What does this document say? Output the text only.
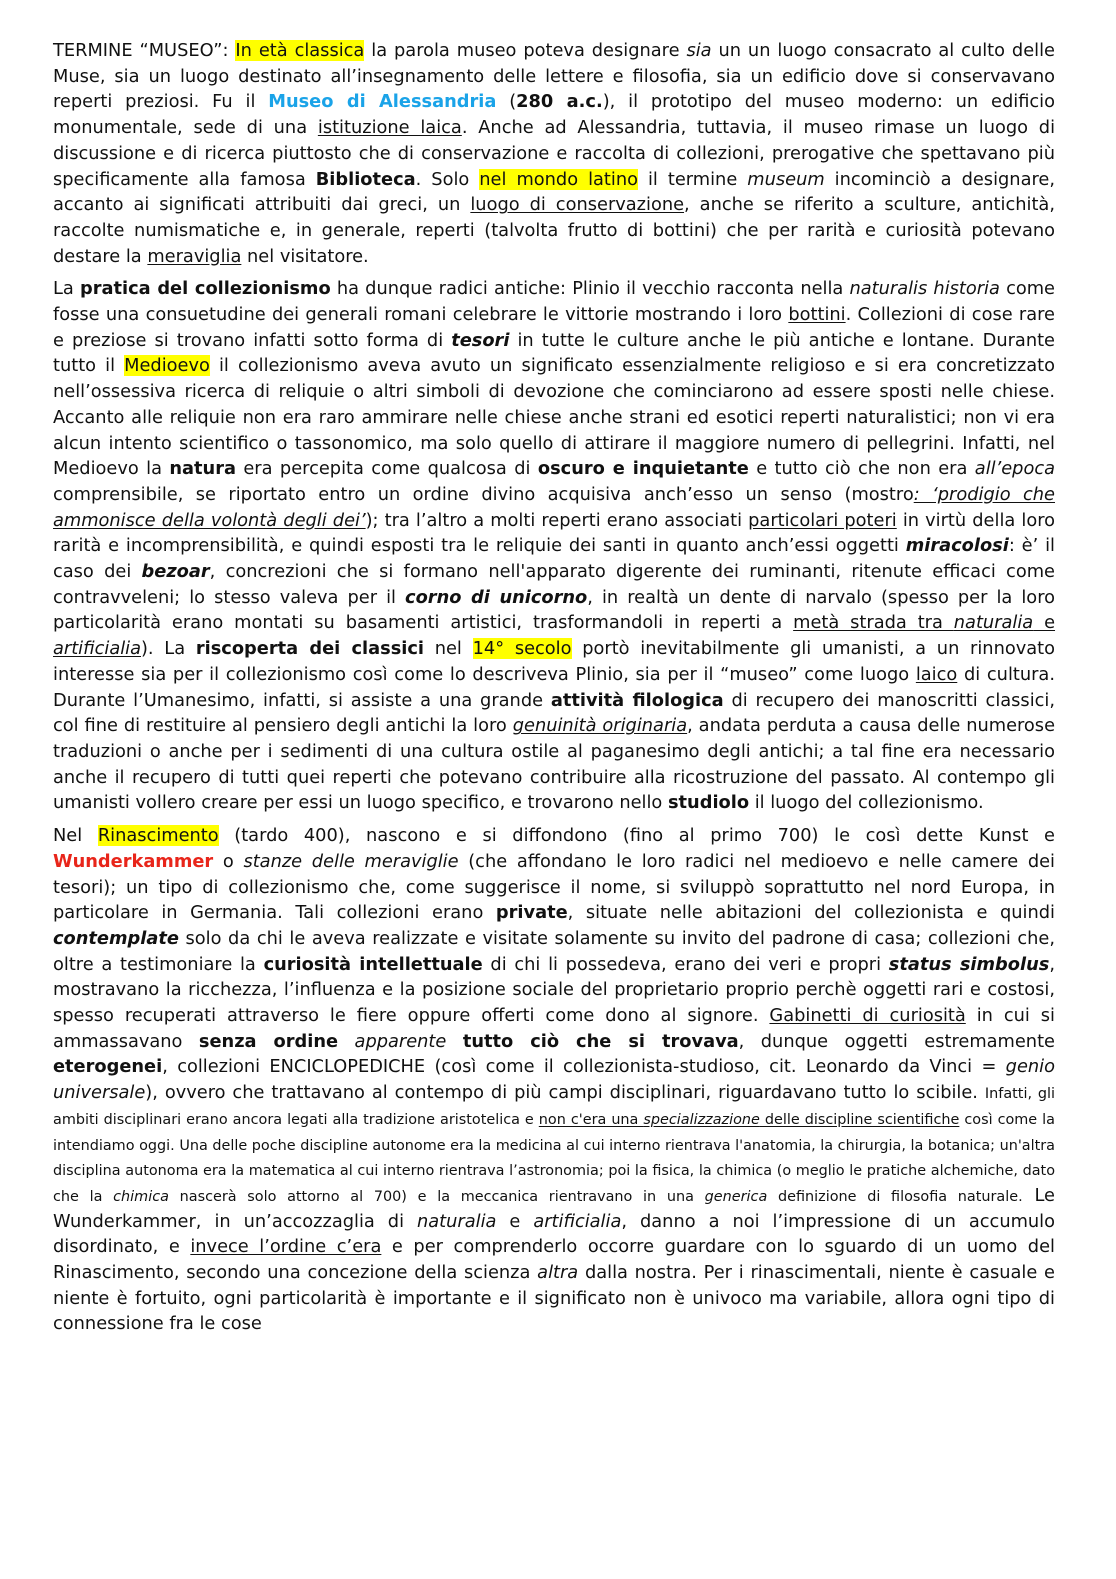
TERMINE “MUSEO”: In età classica la parola museo poteva designare sia un un luogo consacrato al culto delle Muse, sia un luogo destinato all’insegnamento delle lettere e filosofia, sia un edificio dove si conservavano reperti preziosi. Fu il Museo di Alessandria (280 a.c.), il prototipo del museo moderno: un edificio monumentale, sede di una istituzione laica. Anche ad Alessandria, tuttavia, il museo rimase un luogo di discussione e di ricerca piuttosto che di conservazione e raccolta di collezioni, prerogative che spettavano più specificamente alla famosa Biblioteca. Solo nel mondo latino il termine museum incominciò a designare, accanto ai significati attribuiti dai greci, un luogo di conservazione, anche se riferito a sculture, antichità, raccolte numismatiche e, in generale, reperti (talvolta frutto di bottini) che per rarità e curiosità potevano destare la meraviglia nel visitatore.

La pratica del collezionismo ha dunque radici antiche: Plinio il vecchio racconta nella naturalis historia come fosse una consuetudine dei generali romani celebrare le vittorie mostrando i loro bottini. Collezioni di cose rare e preziose si trovano infatti sotto forma di tesori in tutte le culture anche le più antiche e lontane. Durante tutto il Medioevo il collezionismo aveva avuto un significato essenzialmente religioso e si era concretizzato nell’ossessiva ricerca di reliquie o altri simboli di devozione che cominciarono ad essere sposti nelle chiese. Accanto alle reliquie non era raro ammirare nelle chiese anche strani ed esotici reperti naturalistici; non vi era alcun intento scientifico o tassonomico, ma solo quello di attirare il maggiore numero di pellegrini. Infatti, nel Medioevo la natura era percepita come qualcosa di oscuro e inquietante e tutto ciò che non era all’epoca comprensibile, se riportato entro un ordine divino acquisiva anch’esso un senso (mostro: ‘prodigio che ammonisce della volontà degli dei’); tra l’altro a molti reperti erano associati particolari poteri in virtù della loro rarità e incomprensibilità, e quindi esposti tra le reliquie dei santi in quanto anch’essi oggetti miracolosi: è’ il caso dei bezoar, concrezioni che si formano nell'apparato digerente dei ruminanti, ritenute efficaci come contravveleni; lo stesso valeva per il corno di unicorno, in realtà un dente di narvalo (spesso per la loro particolarità erano montati su basamenti artistici, trasformandoli in reperti a metà strada tra naturalia e artificialia). La riscoperta dei classici nel 14° secolo portò inevitabilmente gli umanisti, a un rinnovato interesse sia per il collezionismo così come lo descriveva Plinio, sia per il “museo” come luogo laico di cultura. Durante l’Umanesimo, infatti, si assiste a una grande attività filologica di recupero dei manoscritti classici, col fine di restituire al pensiero degli antichi la loro genuinità originaria, andata perduta a causa delle numerose traduzioni o anche per i sedimenti di una cultura ostile al paganesimo degli antichi; a tal fine era necessario anche il recupero di tutti quei reperti che potevano contribuire alla ricostruzione del passato. Al contempo gli umanisti vollero creare per essi un luogo specifico, e trovarono nello studiolo il luogo del collezionismo.

Nel Rinascimento (tardo 400), nascono e si diffondono (fino al primo 700) le così dette Kunst e Wunderkammer o stanze delle meraviglie (che affondano le loro radici nel medioevo e nelle camere dei tesori); un tipo di collezionismo che, come suggerisce il nome, si sviluppò soprattutto nel nord Europa, in particolare in Germania. Tali collezioni erano private, situate nelle abitazioni del collezionista e quindi contemplate solo da chi le aveva realizzate e visitate solamente su invito del padrone di casa; collezioni che, oltre a testimoniare la curiosità intellettuale di chi li possedeva, erano dei veri e propri status simbolus, mostravano la ricchezza, l’influenza e la posizione sociale del proprietario proprio perchè oggetti rari e costosi, spesso recuperati attraverso le fiere oppure offerti come dono al signore. Gabinetti di curiosità in cui si ammassavano senza ordine apparente tutto ciò che si trovava, dunque oggetti estremamente eterogenei, collezioni ENCICLOPEDICHE (così come il collezionista-studioso, cit. Leonardo da Vinci = genio universale), ovvero che trattavano al contempo di più campi disciplinari, riguardavano tutto lo scibile. Infatti, gli ambiti disciplinari erano ancora legati alla tradizione aristotelica e non c'era una specializzazione delle discipline scientifiche così come la intendiamo oggi. Una delle poche discipline autonome era la medicina al cui interno rientrava l'anatomia, la chirurgia, la botanica; un'altra disciplina autonoma era la matematica al cui interno rientrava l’astronomia; poi la fisica, la chimica (o meglio le pratiche alchemiche, dato che la chimica nascerà solo attorno al 700) e la meccanica rientravano in una generica definizione di filosofia naturale. Le Wunderkammer, in un’accozzaglia di naturalia e artificialia, danno a noi l’impressione di un accumulo disordinato, e invece l’ordine c’era e per comprenderlo occorre guardare con lo sguardo di un uomo del Rinascimento, secondo una concezione della scienza altra dalla nostra. Per i rinascimentali, niente è casuale e niente è fortuito, ogni particolarità è importante e il significato non è univoco ma variabile, allora ogni tipo di connessione fra le cose
